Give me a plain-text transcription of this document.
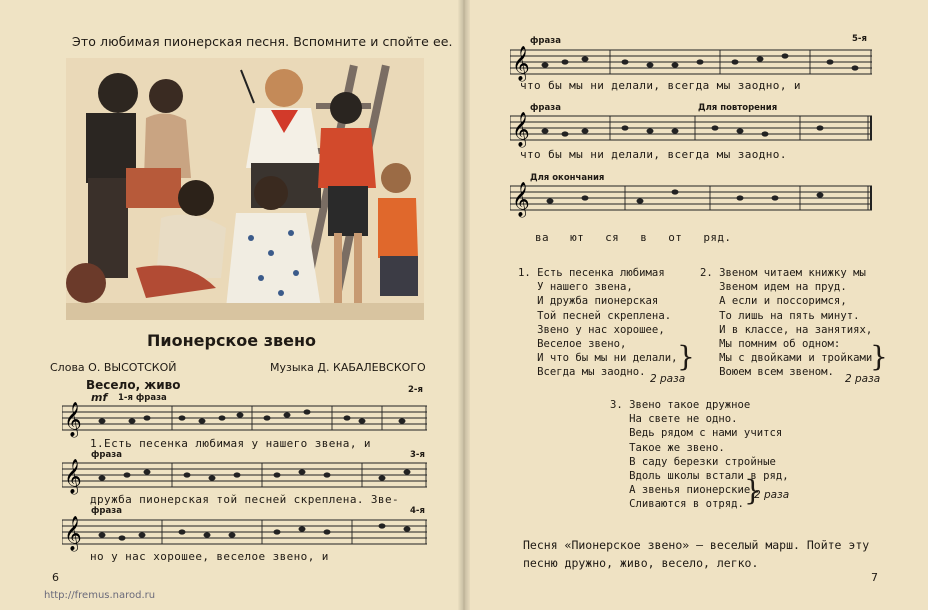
Это любимая пионерская песня. Вспомните и спойте ее.
Пионерское звено
Слова О. ВЫСОТСКОЙ	Музыка Д. КАБАЛЕВСКОГО
Весело, живо
mf 1-я фраза
2-я
фраза	3-я
фраза	4-я
𝄞
1.Есть песенка любимая у нашего звена, и
𝄞
дружба пионерская той песней скреплена. Зве-
𝄞
но у нас хорошее, веселое звено, и
6
http://fremus.narod.ru
фраза	5-я
𝄞
что бы мы ни делали, всегда мы заодно, и
фраза	Для повторения
𝄞
что бы мы ни делали, всегда мы заодно.
Для окончания
𝄞
ва ют ся в от ряд.
1. Есть песенка любимая
У нашего звена,
И дружба пионерская
Той песней скреплена.
Звено у нас хорошее,
Веселое звено,
И что бы мы ни делали,
Всегда мы заодно.	}
2 раза
2. Звеном читаем книжку мы
Звеном идем на пруд.
А если и поссоримся,
То лишь на пять минут.
И в классе, на занятиях,
Мы помним об одном:
Мы с двойками и тройками
Воюем всем звеном.	}
2 раза
3. Звено такое дружное
На свете не одно.
Ведь рядом с нами учится
Такое же звено.
В саду березки стройные
Вдоль школы встали в ряд,
А звенья пионерские
Сливаются в отряд. }
2 раза
Песня «Пионерское звено» — веселый марш. Пойте эту песню дружно, живо, весело, легко.
7
